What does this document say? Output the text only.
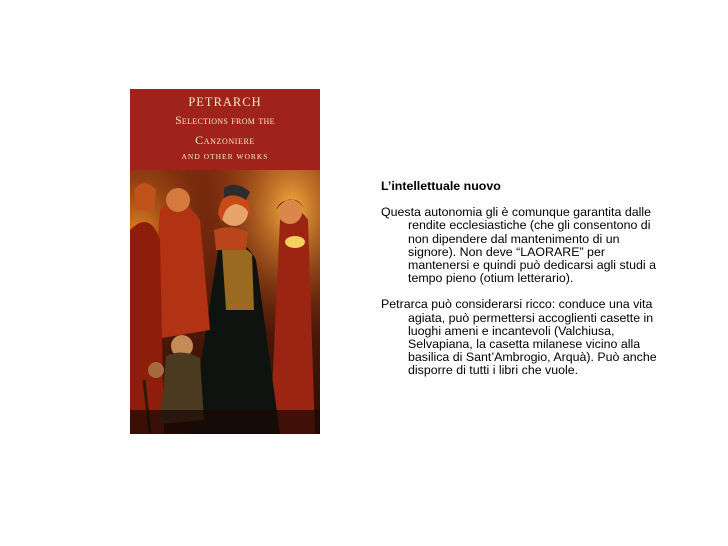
PETRARCH
Selections from the
Canzoniere
AND OTHER WORKS

L’intellettuale nuovo

Questa autonomia gli è comunque garantita dalle rendite ecclesiastiche (che gli consentono di non dipendere dal mantenimento di un signore). Non deve “LAORARE” per mantenersi e quindi può dedicarsi agli studi a tempo pieno (otium letterario).

Petrarca può considerarsi ricco: conduce una vita agiata, può permettersi accoglienti casette in luoghi ameni e incantevoli (Valchiusa, Selvapiana, la casetta milanese vicino alla basilica di Sant’Ambrogio, Arquà). Può anche disporre di tutti i libri che vuole.
